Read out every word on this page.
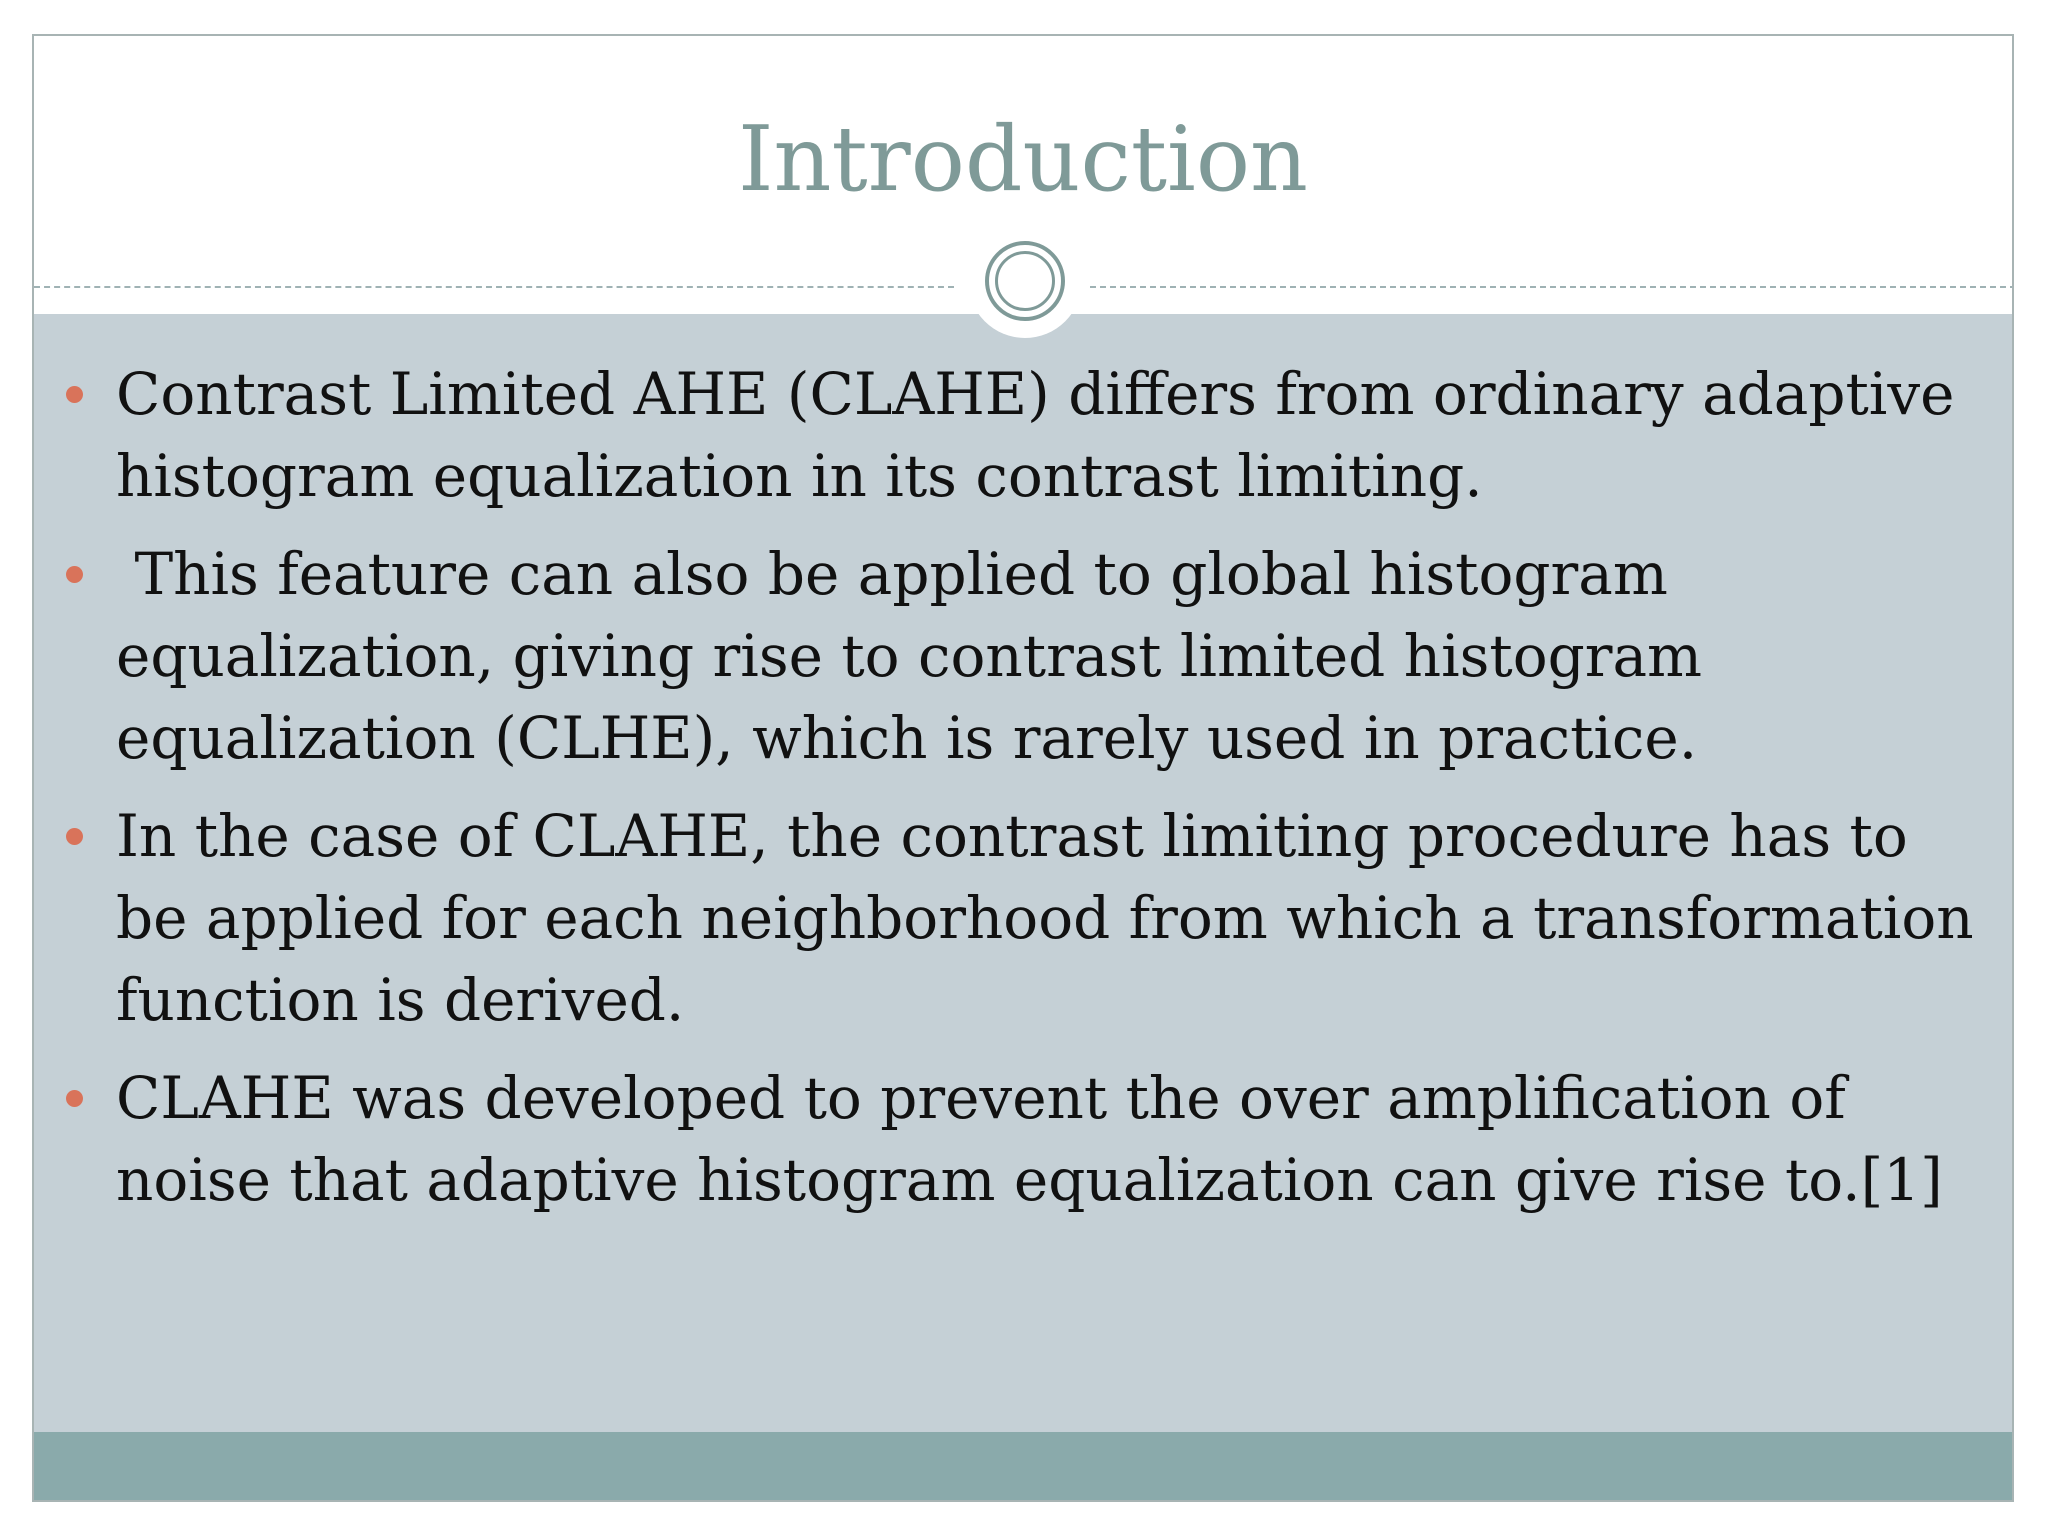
Introduction
Contrast Limited AHE (CLAHE) differs from ordinary adaptive histogram equalization in its contrast limiting.
This feature can also be applied to global histogram equalization, giving rise to contrast limited histogram equalization (CLHE), which is rarely used in practice.
In the case of CLAHE, the contrast limiting procedure has to be applied for each neighborhood from which a transformation function is derived.
CLAHE was developed to prevent the over amplification of noise that adaptive histogram equalization can give rise to.[1]
